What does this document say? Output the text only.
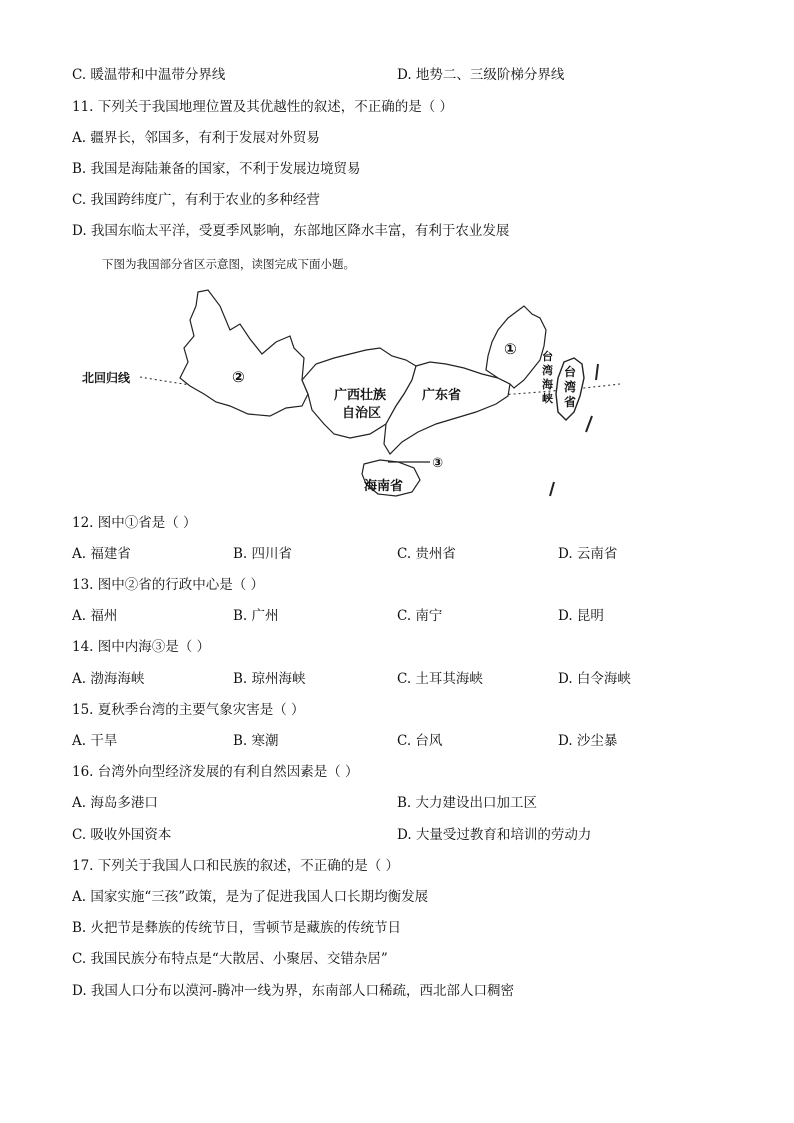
C. 暖温带和中温带分界线	D. 地势二、三级阶梯分界线
11. 下列关于我国地理位置及其优越性的叙述，不正确的是（ ）
A. 疆界长，邻国多，有利于发展对外贸易
B. 我国是海陆兼备的国家，不利于发展边境贸易
C. 我国跨纬度广，有利于农业的多种经营
D. 我国东临太平洋，受夏季风影响，东部地区降水丰富，有利于农业发展
下图为我国部分省区示意图，读图完成下面小题。
北回归线	②
①
③
广西壮族
自治区
广东省
海南省
台
湾
海
峡
台
湾
省
12. 图中①省是（ ）
A. 福建省	B. 四川省	C. 贵州省	D. 云南省
13. 图中②省的行政中心是（ ）
A. 福州	B. 广州	C. 南宁	D. 昆明
14. 图中内海③是（ ）
A. 渤海海峡	B. 琼州海峡	C. 土耳其海峡	D. 白令海峡
15. 夏秋季台湾的主要气象灾害是（ ）
A. 干旱	B. 寒潮	C. 台风	D. 沙尘暴
16. 台湾外向型经济发展的有利自然因素是（ ）
A. 海岛多港口	B. 大力建设出口加工区
C. 吸收外国资本	D. 大量受过教育和培训的劳动力
17. 下列关于我国人口和民族的叙述，不正确的是（ ）
A. 国家实施“三孩”政策，是为了促进我国人口长期均衡发展
B. 火把节是彝族的传统节日，雪顿节是藏族的传统节日
C. 我国民族分布特点是“大散居、小聚居、交错杂居”
D. 我国人口分布以漠河-腾冲一线为界，东南部人口稀疏，西北部人口稠密
